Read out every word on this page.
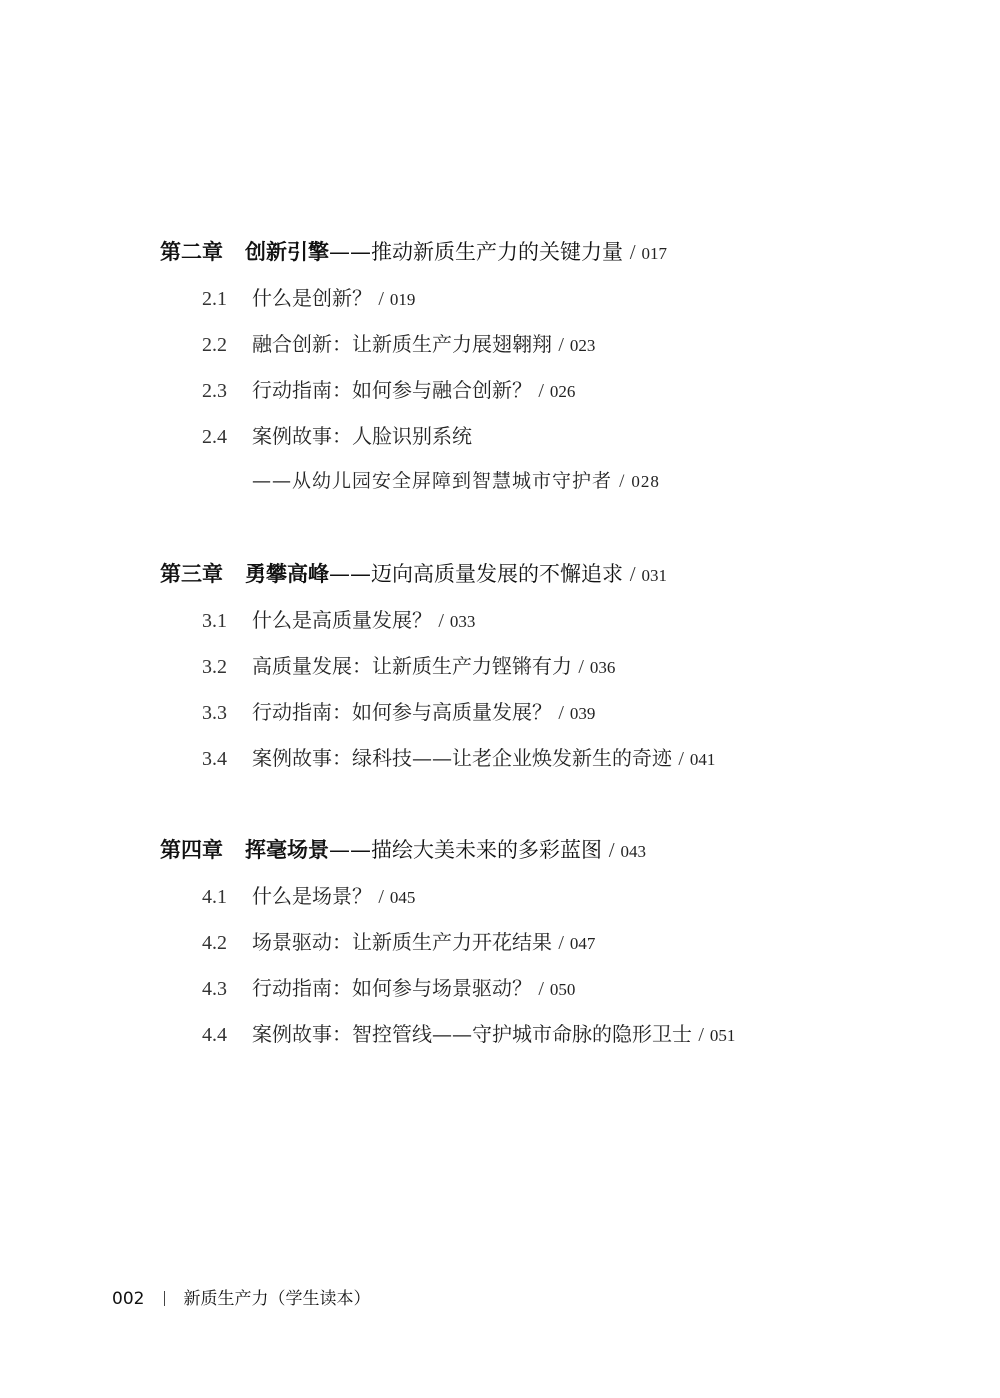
第二章 创新引擎——推动新质生产力的关键力量 / 017
2.1 什么是创新？ / 019
2.2 融合创新：让新质生产力展翅翱翔 / 023
2.3 行动指南：如何参与融合创新？ / 026
2.4 案例故事：人脸识别系统
——从幼儿园安全屏障到智慧城市守护者 / 028
第三章 勇攀高峰——迈向高质量发展的不懈追求 / 031
3.1 什么是高质量发展？ / 033
3.2 高质量发展：让新质生产力铿锵有力 / 036
3.3 行动指南：如何参与高质量发展？ / 039
3.4 案例故事：绿科技——让老企业焕发新生的奇迹 / 041
第四章 挥毫场景——描绘大美未来的多彩蓝图 / 043
4.1 什么是场景？ / 045
4.2 场景驱动：让新质生产力开花结果 / 047
4.3 行动指南：如何参与场景驱动？ / 050
4.4 案例故事：智控管线——守护城市命脉的隐形卫士 / 051
002 新质生产力（学生读本）
